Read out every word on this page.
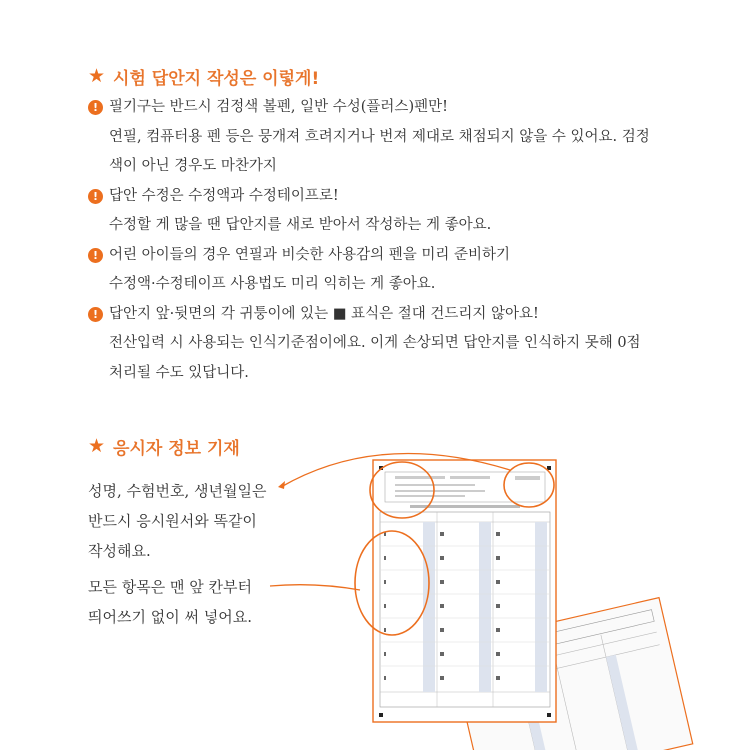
★ 시험 답안지 작성은 이렇게!
! 필기구는 반드시 검정색 볼펜, 일반 수성(플러스)펜만!
연필, 컴퓨터용 펜 등은 뭉개져 흐려지거나 번져 제대로 채점되지 않을 수 있어요. 검정
색이 아닌 경우도 마찬가지
! 답안 수정은 수정액과 수정테이프로!
수정할 게 많을 땐 답안지를 새로 받아서 작성하는 게 좋아요.
! 어린 아이들의 경우 연필과 비슷한 사용감의 펜을 미리 준비하기
수정액·수정테이프 사용법도 미리 익히는 게 좋아요.
! 답안지 앞·뒷면의 각 귀퉁이에 있는 ■ 표식은 절대 건드리지 않아요!
전산입력 시 사용되는 인식기준점이에요. 이게 손상되면 답안지를 인식하지 못해 0점
처리될 수도 있답니다.
★ 응시자 정보 기재
성명, 수험번호, 생년월일은
반드시 응시원서와 똑같이
작성해요.
모든 항목은 맨 앞 칸부터
띄어쓰기 없이 써 넣어요.
